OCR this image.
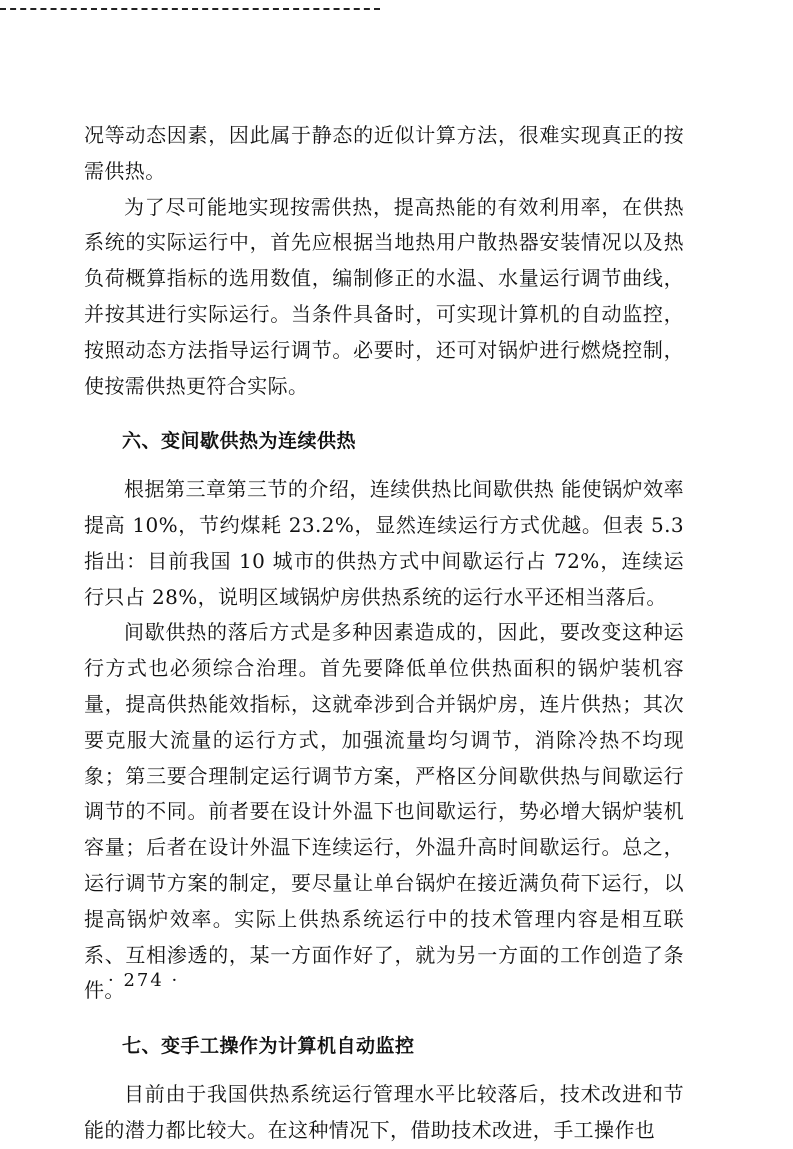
况等动态因素，因此属于静态的近似计算方法，很难实现真正的按需供热。

为了尽可能地实现按需供热，提高热能的有效利用率，在供热系统的实际运行中，首先应根据当地热用户散热器安装情况以及热负荷概算指标的选用数值，编制修正的水温、水量运行调节曲线，并按其进行实际运行。当条件具备时，可实现计算机的自动监控，按照动态方法指导运行调节。必要时，还可对锅炉进行燃烧控制，使按需供热更符合实际。

六、变间歇供热为连续供热

根据第三章第三节的介绍，连续供热比间歇供热 能使锅炉效率提高 10%，节约煤耗 23.2%，显然连续运行方式优越。但表 5.3 指出：目前我国 10 城市的供热方式中间歇运行占 72%，连续运行只占 28%，说明区域锅炉房供热系统的运行水平还相当落后。

间歇供热的落后方式是多种因素造成的，因此，要改变这种运行方式也必须综合治理。首先要降低单位供热面积的锅炉装机容量，提高供热能效指标，这就牵涉到合并锅炉房，连片供热；其次要克服大流量的运行方式，加强流量均匀调节，消除冷热不均现象；第三要合理制定运行调节方案，严格区分间歇供热与间歇运行调节的不同。前者要在设计外温下也间歇运行，势必增大锅炉装机容量；后者在设计外温下连续运行，外温升高时间歇运行。总之，运行调节方案的制定，要尽量让单台锅炉在接近满负荷下运行，以提高锅炉效率。实际上供热系统运行中的技术管理内容是相互联系、互相渗透的，某一方面作好了，就为另一方面的工作创造了条件。

七、变手工操作为计算机自动监控

目前由于我国供热系统运行管理水平比较落后，技术改进和节能的潜力都比较大。在这种情况下，借助技术改进，手工操作也

· 274 ·
